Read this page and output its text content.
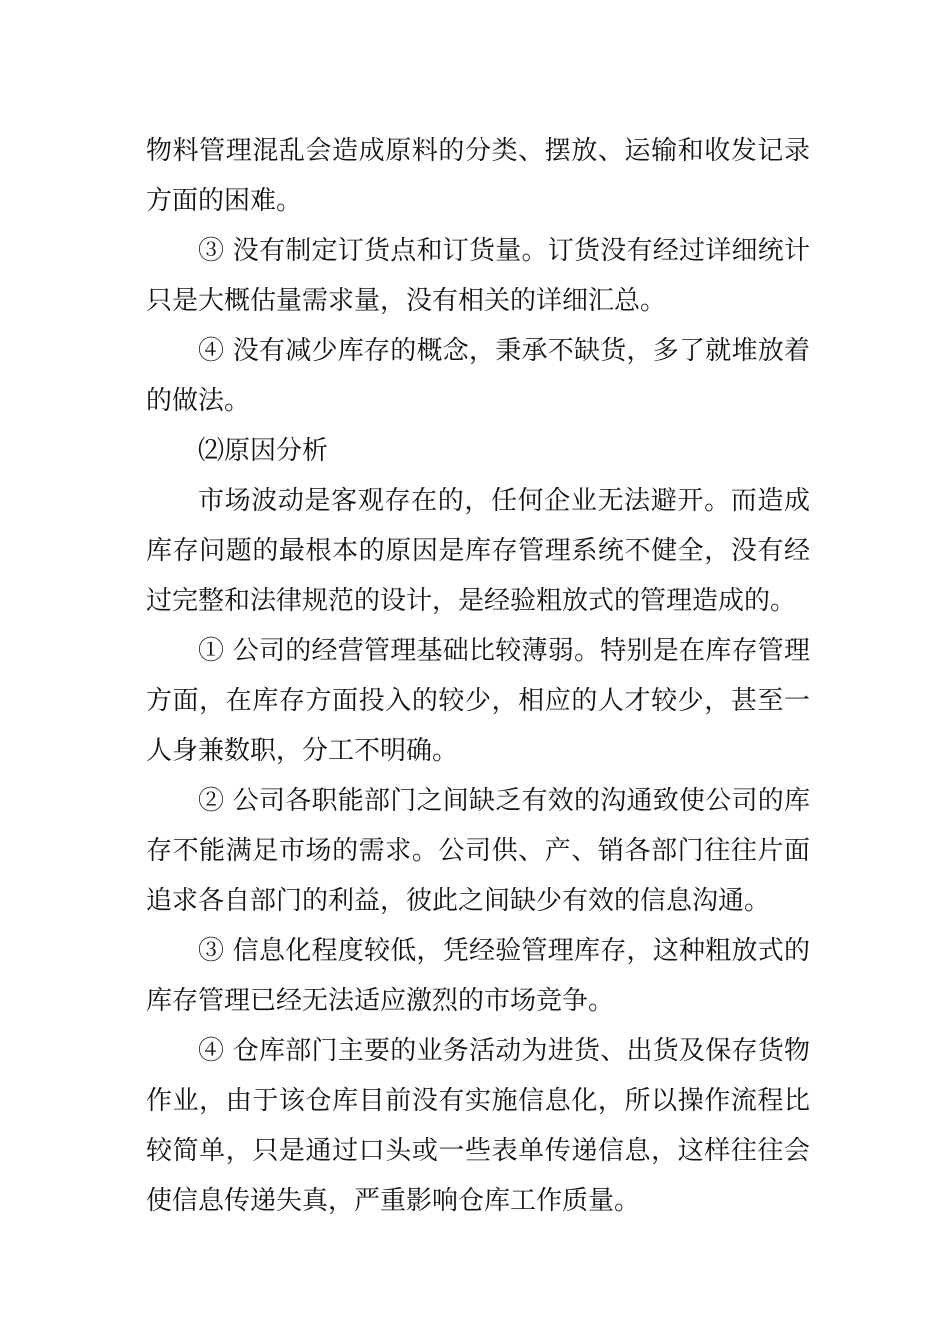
物料管理混乱会造成原料的分类、摆放、运输和收发记录方面的困难。

③ 没有制定订货点和订货量。订货没有经过详细统计只是大概估量需求量，没有相关的详细汇总。

④ 没有减少库存的概念，秉承不缺货，多了就堆放着的做法。

⑵原因分析

市场波动是客观存在的，任何企业无法避开。而造成库存问题的最根本的原因是库存管理系统不健全，没有经过完整和法律规范的设计，是经验粗放式的管理造成的。

① 公司的经营管理基础比较薄弱。特别是在库存管理方面，在库存方面投入的较少，相应的人才较少，甚至一人身兼数职，分工不明确。

② 公司各职能部门之间缺乏有效的沟通致使公司的库存不能满足市场的需求。公司供、产、销各部门往往片面追求各自部门的利益，彼此之间缺少有效的信息沟通。

③ 信息化程度较低，凭经验管理库存，这种粗放式的库存管理已经无法适应激烈的市场竞争。

④ 仓库部门主要的业务活动为进货、出货及保存货物作业，由于该仓库目前没有实施信息化，所以操作流程比较简单，只是通过口头或一些表单传递信息，这样往往会使信息传递失真，严重影响仓库工作质量。
